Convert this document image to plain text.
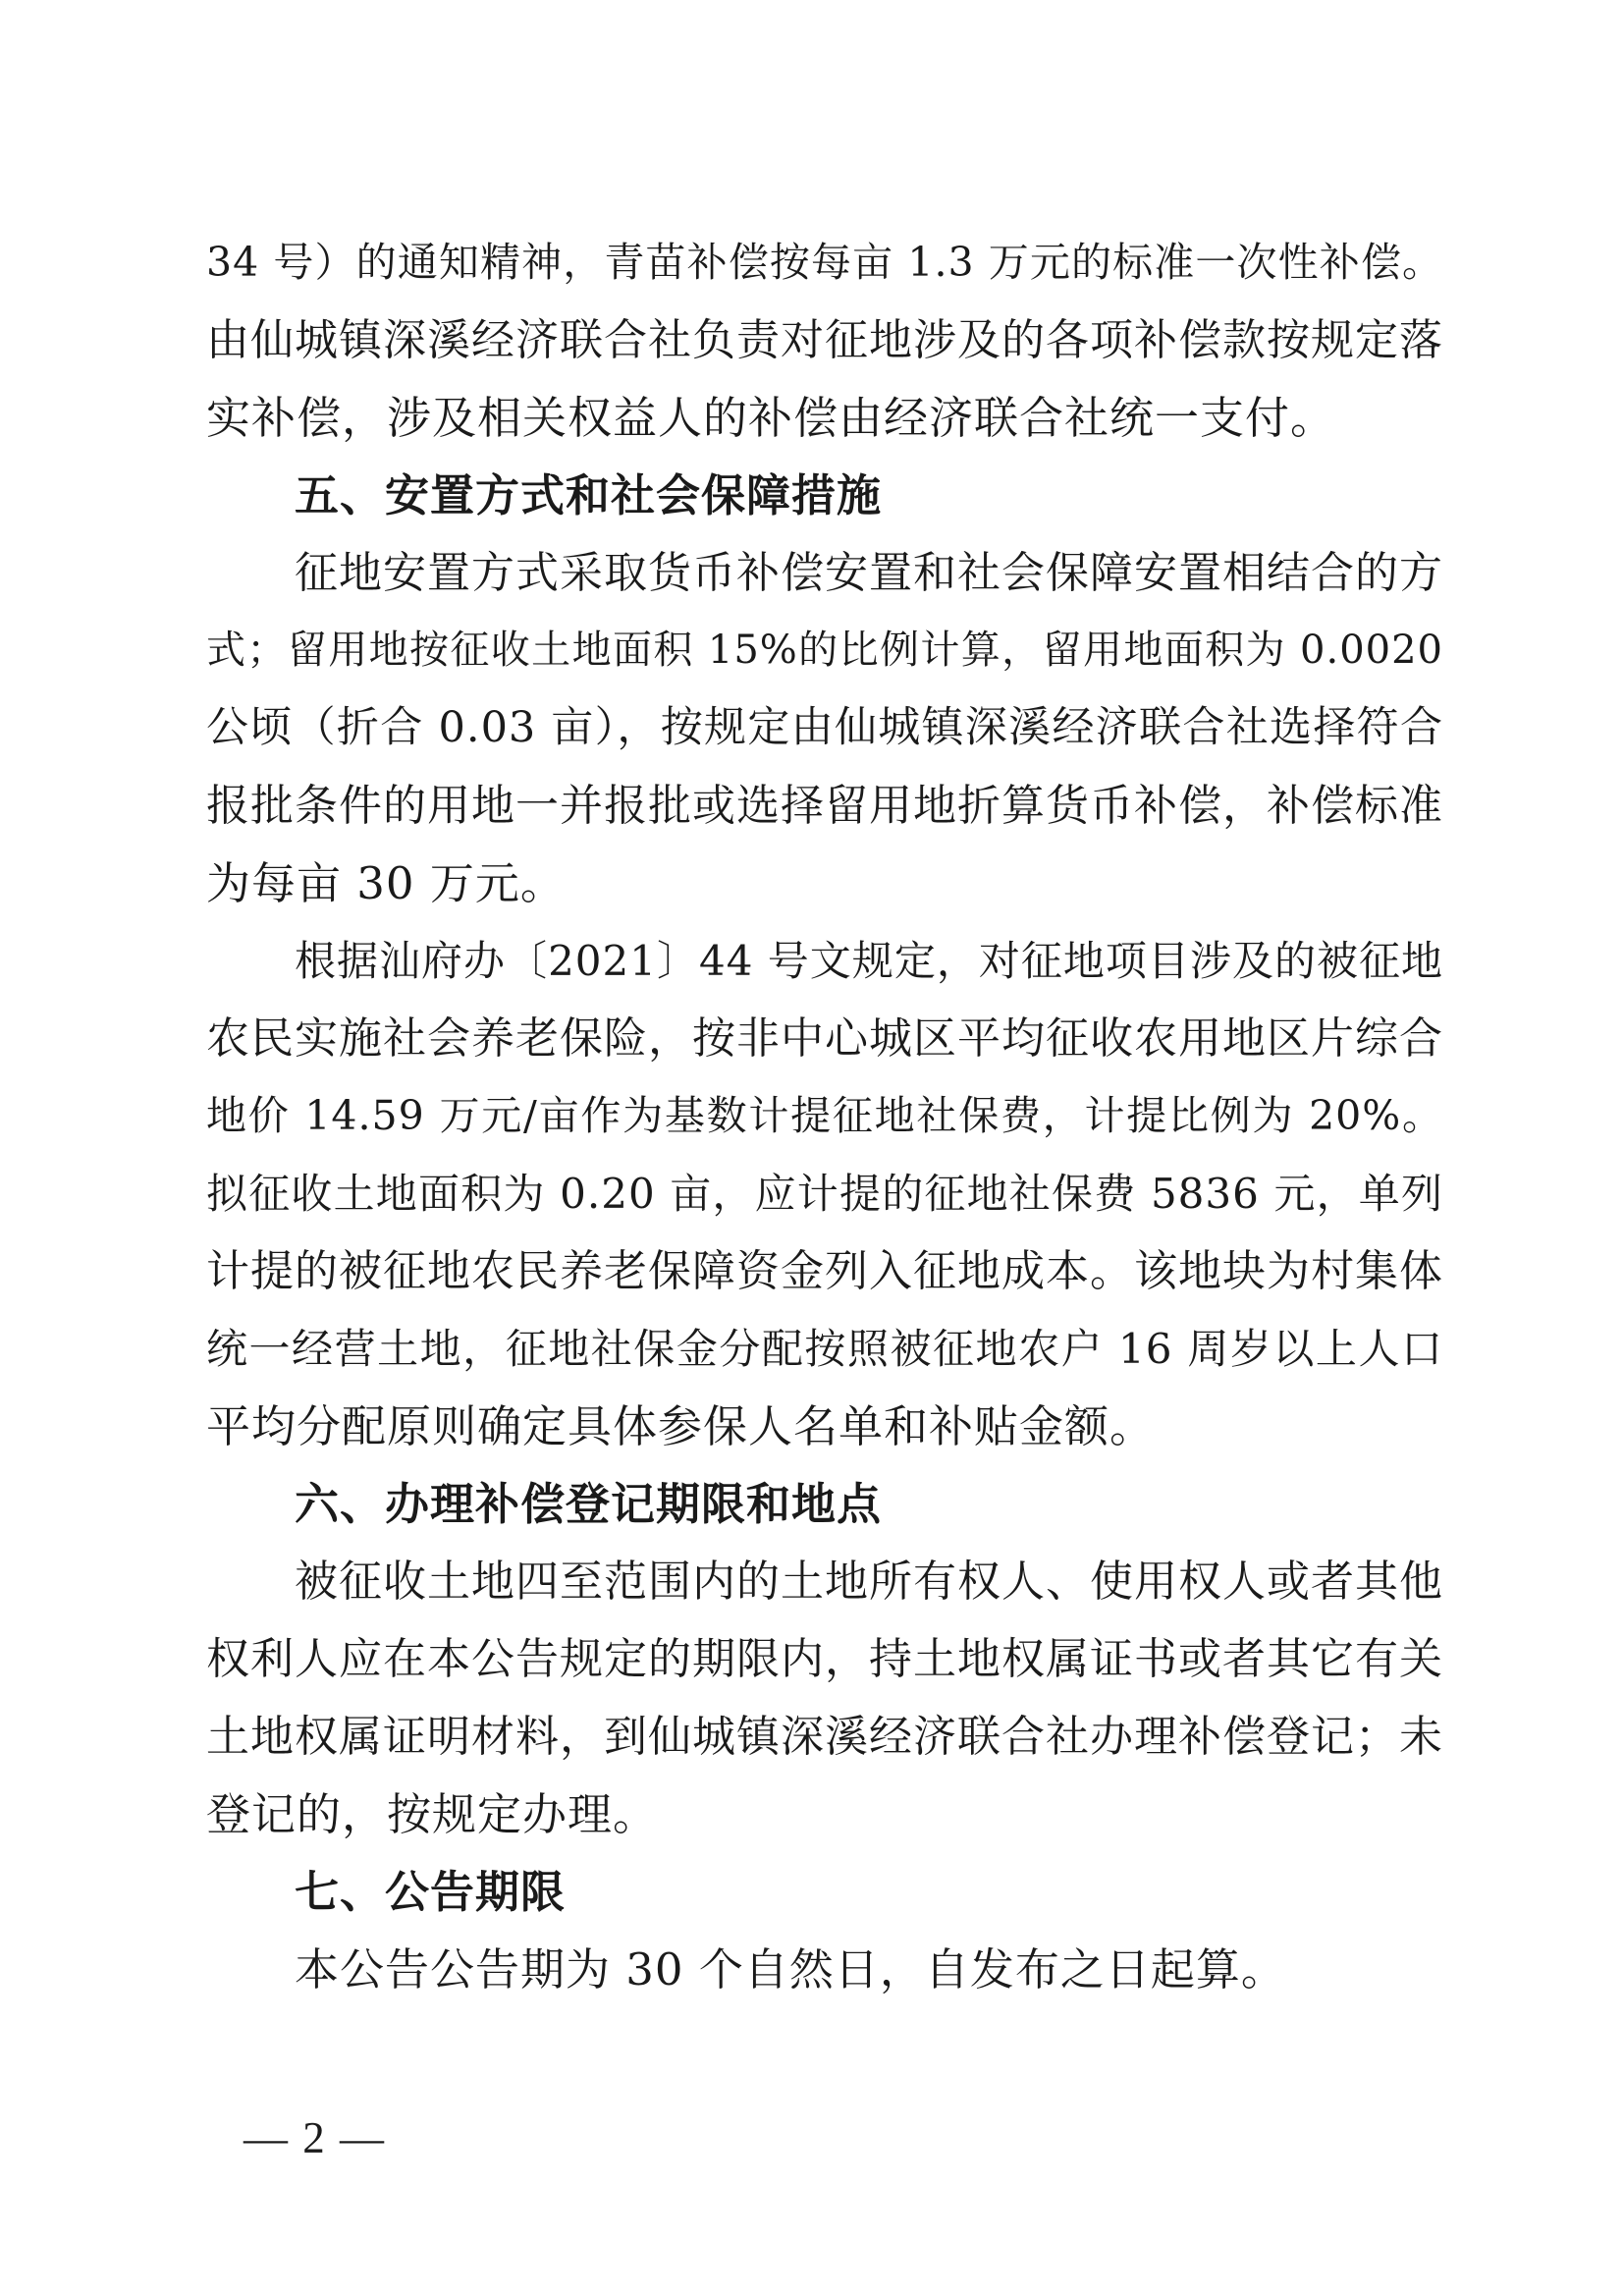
34 号）的通知精神，青苗补偿按每亩 1.3 万元的标准一次性补偿。
由仙城镇深溪经济联合社负责对征地涉及的各项补偿款按规定落
实补偿，涉及相关权益人的补偿由经济联合社统一支付。
五、安置方式和社会保障措施
征地安置方式采取货币补偿安置和社会保障安置相结合的方
式；留用地按征收土地面积 15%的比例计算，留用地面积为 0.0020
公顷（折合 0.03 亩），按规定由仙城镇深溪经济联合社选择符合
报批条件的用地一并报批或选择留用地折算货币补偿，补偿标准
为每亩 30 万元。
根据汕府办〔2021〕44 号文规定，对征地项目涉及的被征地
农民实施社会养老保险，按非中心城区平均征收农用地区片综合
地价 14.59 万元/亩作为基数计提征地社保费，计提比例为 20%。
拟征收土地面积为 0.20 亩，应计提的征地社保费 5836 元，单列
计提的被征地农民养老保障资金列入征地成本。该地块为村集体
统一经营土地，征地社保金分配按照被征地农户 16 周岁以上人口
平均分配原则确定具体参保人名单和补贴金额。
六、办理补偿登记期限和地点
被征收土地四至范围内的土地所有权人、使用权人或者其他
权利人应在本公告规定的期限内，持土地权属证书或者其它有关
土地权属证明材料，到仙城镇深溪经济联合社办理补偿登记；未
登记的，按规定办理。
七、公告期限
本公告公告期为 30 个自然日，自发布之日起算。
— 2 —
